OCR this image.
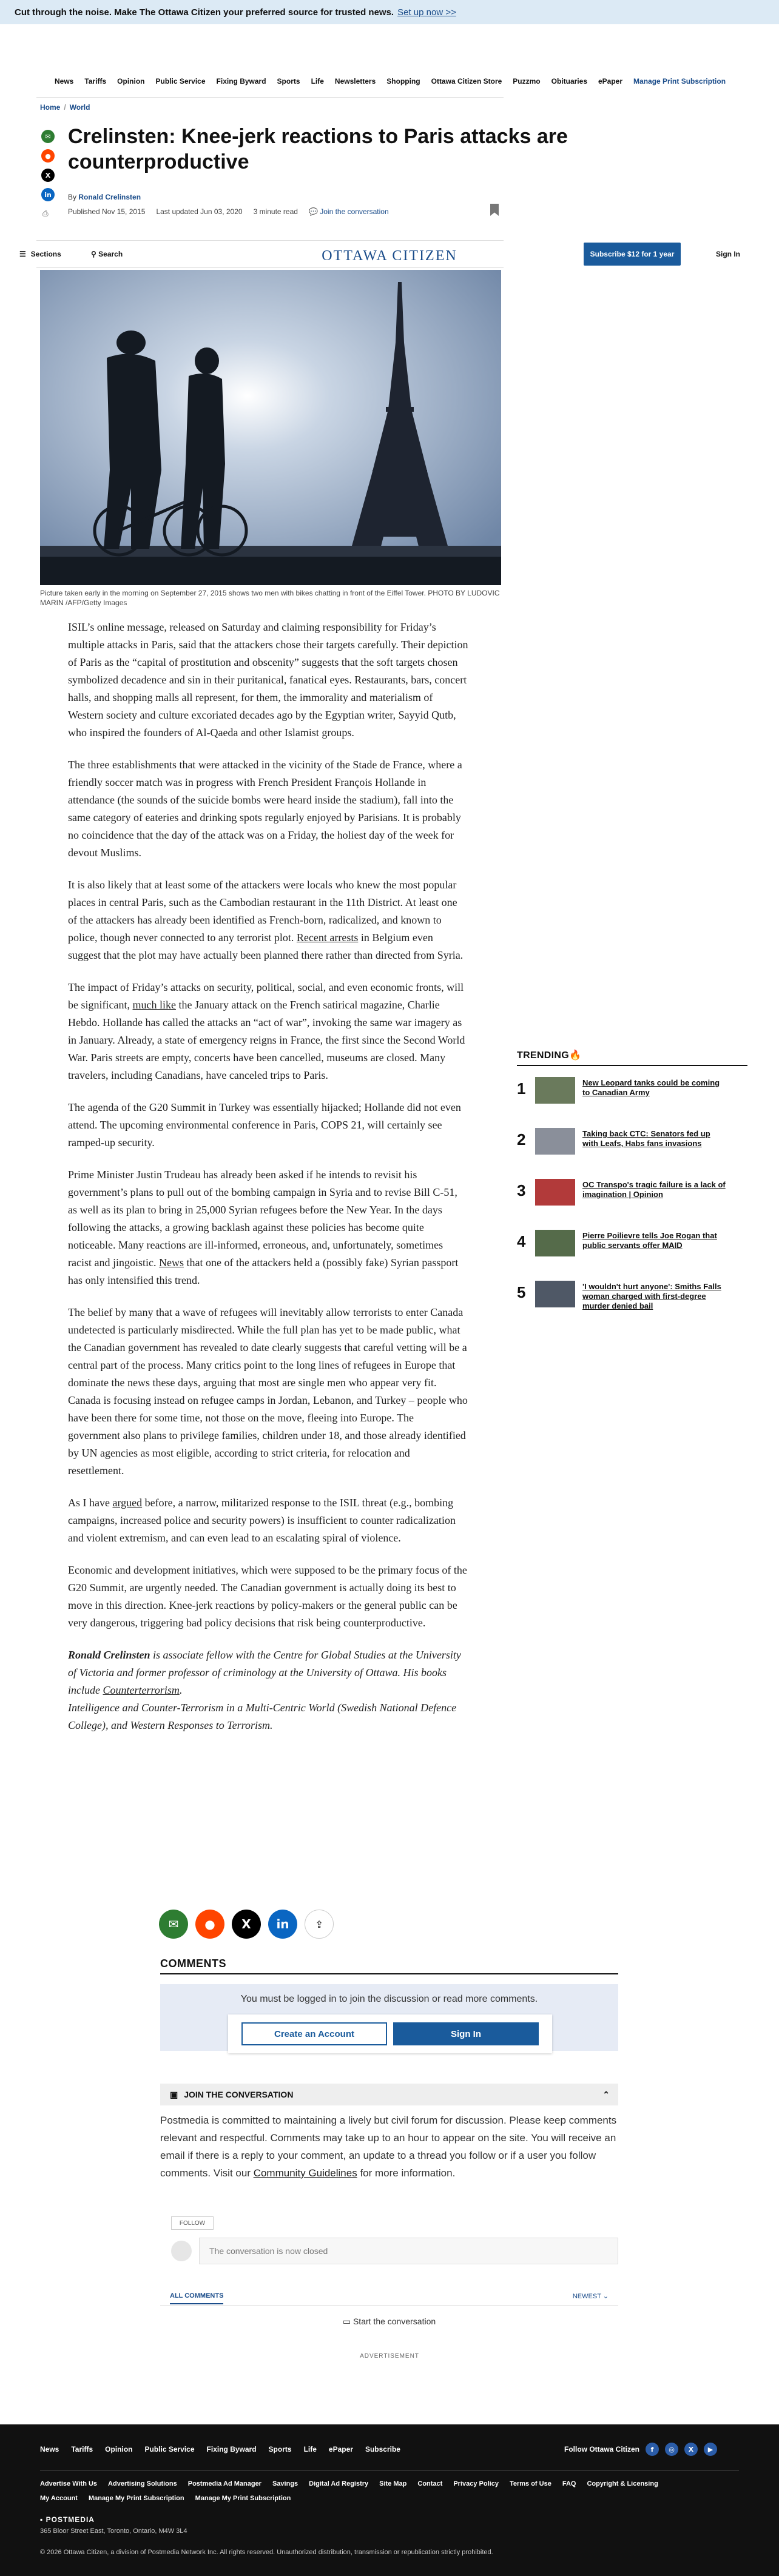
Cut through the noise. Make The Ottawa Citizen your preferred source for trusted news. Set up now >>
News Tariffs Opinion Public Service Fixing Byward Sports Life Newsletters Shopping Ottawa Citizen Store Puzzmo Obituaries ePaper Manage Print Subscription
Home / World
✉
●
X
in
Crelinsten: Knee-jerk reactions to Paris attacks are counterproductive
By Ronald Crelinsten
⎙	Published Nov 15, 2015 Last updated Jun 03, 2020 3 minute read 💬 Join the conversation
☰ Sections	⚲ Search	OTTAWA CITIZEN	Subscribe $12 for 1 year	Sign In
Picture taken early in the morning on September 27, 2015 shows two men with bikes chatting in front of the Eiffel Tower. PHOTO BY LUDOVIC MARIN /AFP/Getty Images

ISIL’s online message, released on Saturday and claiming responsibility for Friday’s multiple attacks in Paris, said that the attackers chose their targets carefully. Their depiction of Paris as the “capital of prostitution and obscenity” suggests that the soft targets chosen symbolized decadence and sin in their puritanical, fanatical eyes. Restaurants, bars, concert halls, and shopping malls all represent, for them, the immorality and materialism of Western society and culture excoriated decades ago by the Egyptian writer, Sayyid Qutb, who inspired the founders of Al-Qaeda and other Islamist groups.

The three establishments that were attacked in the vicinity of the Stade de France, where a friendly soccer match was in progress with French President François Hollande in attendance (the sounds of the suicide bombs were heard inside the stadium), fall into the same category of eateries and drinking spots regularly enjoyed by Parisians. It is probably no coincidence that the day of the attack was on a Friday, the holiest day of the week for devout Muslims.

It is also likely that at least some of the attackers were locals who knew the most popular places in central Paris, such as the Cambodian restaurant in the 11th District. At least one of the attackers has already been identified as French-born, radicalized, and known to police, though never connected to any terrorist plot. Recent arrests in Belgium even suggest that the plot may have actually been planned there rather than directed from Syria.

The impact of Friday’s attacks on security, political, social, and even economic fronts, will be significant, much like the January attack on the French satirical magazine, Charlie Hebdo. Hollande has called the attacks an “act of war”, invoking the same war imagery as in January. Already, a state of emergency reigns in France, the first since the Second World War. Paris streets are empty, concerts have been cancelled, museums are closed. Many travelers, including Canadians, have canceled trips to Paris.

The agenda of the G20 Summit in Turkey was essentially hijacked; Hollande did not even attend. The upcoming environmental conference in Paris, COPS 21, will certainly see ramped-up security.

Prime Minister Justin Trudeau has already been asked if he intends to revisit his government’s plans to pull out of the bombing campaign in Syria and to revise Bill C-51, as well as its plan to bring in 25,000 Syrian refugees before the New Year. In the days following the attacks, a growing backlash against these policies has become quite noticeable. Many reactions are ill-informed, erroneous, and, unfortunately, sometimes racist and jingoistic. News that one of the attackers held a (possibly fake) Syrian passport has only intensified this trend.

The belief by many that a wave of refugees will inevitably allow terrorists to enter Canada undetected is particularly misdirected. While the full plan has yet to be made public, what the Canadian government has revealed to date clearly suggests that careful vetting will be a central part of the process. Many critics point to the long lines of refugees in Europe that dominate the news these days, arguing that most are single men who appear very fit. Canada is focusing instead on refugee camps in Jordan, Lebanon, and Turkey – people who have been there for some time, not those on the move, fleeing into Europe. The government also plans to privilege families, children under 18, and those already identified by UN agencies as most eligible, according to strict criteria, for relocation and resettlement.

As I have argued before, a narrow, militarized response to the ISIL threat (e.g., bombing campaigns, increased police and security powers) is insufficient to counter radicalization and violent extremism, and can even lead to an escalating spiral of violence.

Economic and development initiatives, which were supposed to be the primary focus of the G20 Summit, are urgently needed. The Canadian government is actually doing its best to move in this direction. Knee-jerk reactions by policy-makers or the general public can be very dangerous, triggering bad policy decisions that risk being counterproductive.

Ronald Crelinsten is associate fellow with the Centre for Global Studies at the University of Victoria and former professor of criminology at the University of Ottawa. His books include Counterterrorism.
Intelligence and Counter-Terrorism in a Multi-Centric World (Swedish National Defence College), and Western Responses to Terrorism.

TRENDING🔥
1	New Leopard tanks could be coming to Canadian Army
2	Taking back CTC: Senators fed up with Leafs, Habs fans invasions
3	OC Transpo's tragic failure is a lack of imagination | Opinion
4	Pierre Poilievre tells Joe Rogan that public servants offer MAID
5	'I wouldn't hurt anyone': Smiths Falls woman charged with first-degree murder denied bail
✉	●	X	in	⇪
COMMENTS
You must be logged in to join the discussion or read more comments.
Create an Account	Sign In
▣ JOIN THE CONVERSATION	⌃
Postmedia is committed to maintaining a lively but civil forum for discussion. Please keep comments relevant and respectful. Comments may take up to an hour to appear on the site. You will receive an email if there is a reply to your comment, an update to a thread you follow or if a user you follow comments. Visit our Community Guidelines for more information.
FOLLOW
The conversation is now closed
ALL COMMENTS	NEWEST ⌄
▭ Start the conversation
ADVERTISEMENT
News Tariffs Opinion Public Service Fixing Byward Sports Life ePaper Subscribe	Follow Ottawa Citizen	f	◎	X	▶
Advertise With Us Advertising Solutions Postmedia Ad Manager Savings Digital Ad Registry Site Map Contact Privacy Policy Terms of Use FAQ Copyright & Licensing
My Account Manage My Print Subscription Manage My Print Subscription
▪ POSTMEDIA
365 Bloor Street East, Toronto, Ontario, M4W 3L4
© 2026 Ottawa Citizen, a division of Postmedia Network Inc. All rights reserved. Unauthorized distribution, transmission or republication strictly prohibited.
